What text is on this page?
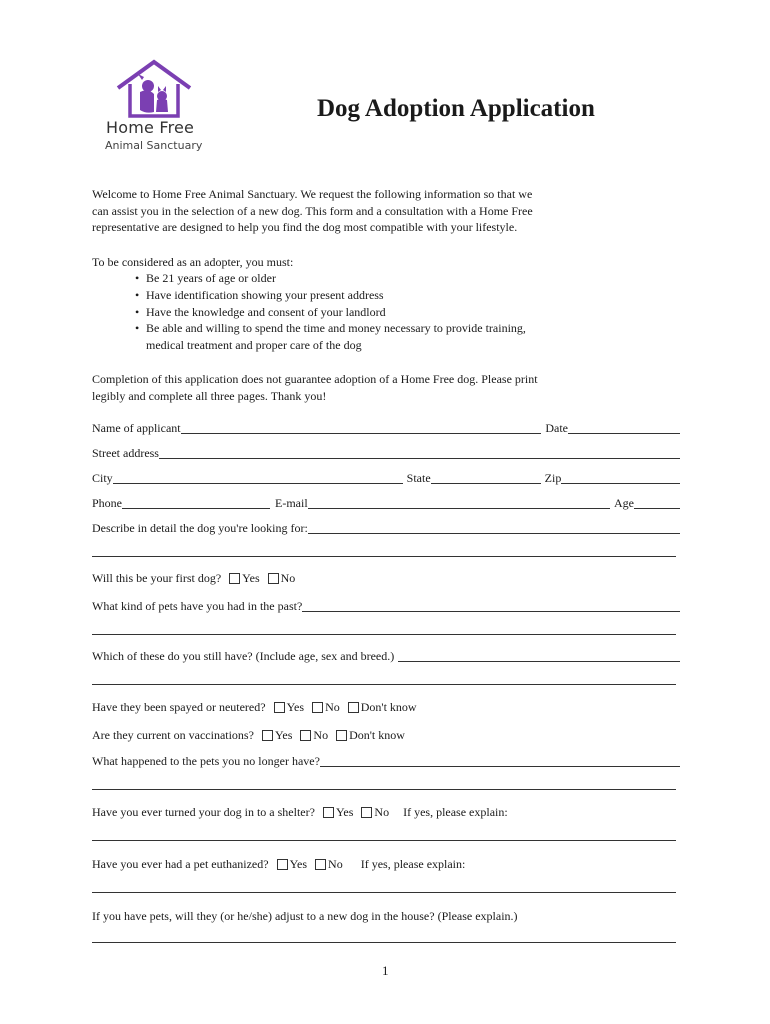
Home Free
Animal Sanctuary
Dog Adoption Application
Welcome to Home Free Animal Sanctuary. We request the following information so that we
can assist you in the selection of a new dog. This form and a consultation with a Home Free
representative are designed to help you find the dog most compatible with your lifestyle.
To be considered as an adopter, you must:
• Be 21 years of age or older
• Have identification showing your present address
• Have the knowledge and consent of your landlord
• Be able and willing to spend the time and money necessary to provide training,
medical treatment and proper care of the dog
Completion of this application does not guarantee adoption of a Home Free dog. Please print
legibly and complete all three pages. Thank you!
Name of applicant	Date
Street address
City	State	Zip
Phone	E-mail	Age
Describe in detail the dog you're looking for:
Will this be your first dog? Yes No
What kind of pets have you had in the past?
Which of these do you still have? (Include age, sex and breed.)
Have they been spayed or neutered? Yes No Don't know
Are they current on vaccinations? Yes No Don't know
What happened to the pets you no longer have?
Have you ever turned your dog in to a shelter? Yes No If yes, please explain:
Have you ever had a pet euthanized? Yes No If yes, please explain:
If you have pets, will they (or he/she) adjust to a new dog in the house? (Please explain.)
1
